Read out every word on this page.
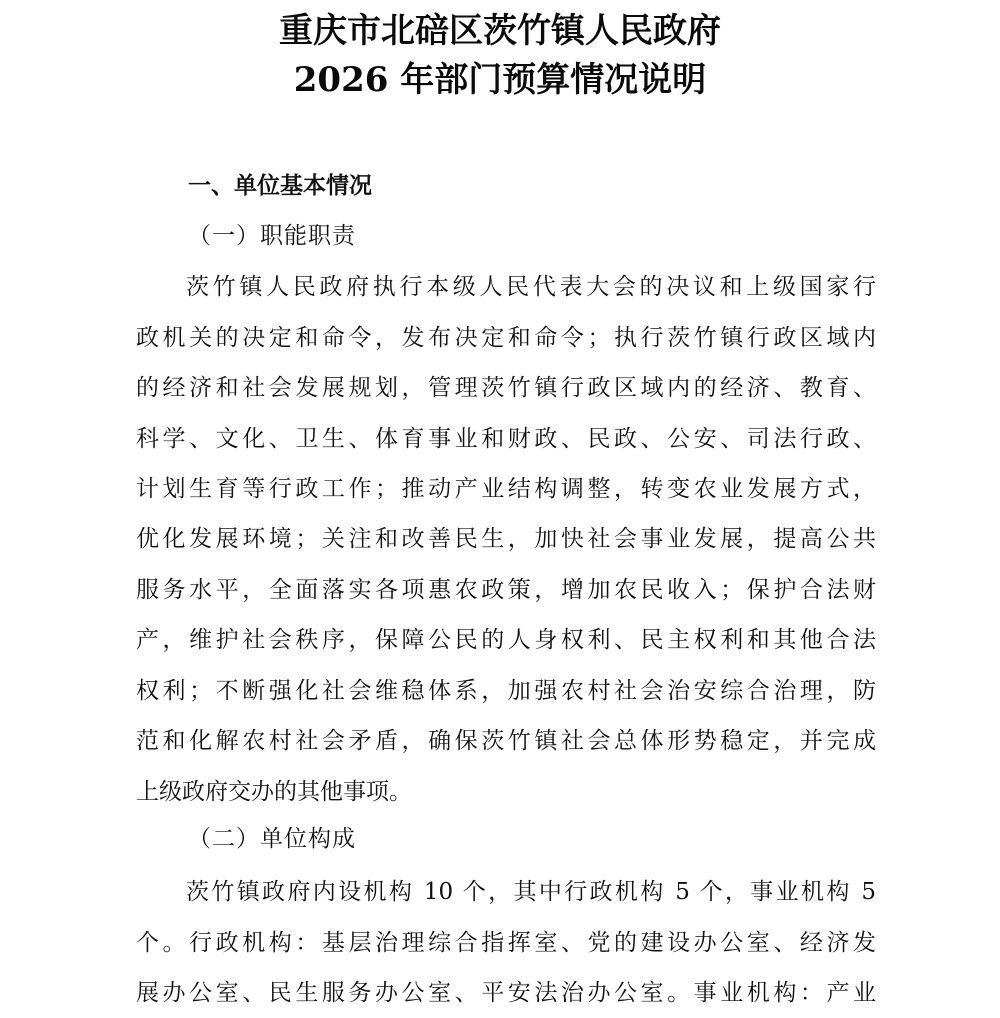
重庆市北碚区茨竹镇人民政府
2026 年部门预算情况说明
一、单位基本情况
（一）职能职责
茨竹镇人民政府执行本级人民代表大会的决议和上级国家行
政机关的决定和命令，发布决定和命令；执行茨竹镇行政区域内
的经济和社会发展规划，管理茨竹镇行政区域内的经济、教育、
科学、文化、卫生、体育事业和财政、民政、公安、司法行政、
计划生育等行政工作；推动产业结构调整，转变农业发展方式，
优化发展环境；关注和改善民生，加快社会事业发展，提高公共
服务水平，全面落实各项惠农政策，增加农民收入；保护合法财
产，维护社会秩序，保障公民的人身权利、民主权利和其他合法
权利；不断强化社会维稳体系，加强农村社会治安综合治理，防
范和化解农村社会矛盾，确保茨竹镇社会总体形势稳定，并完成
上级政府交办的其他事项。
（二）单位构成
茨竹镇政府内设机构 10 个，其中行政机构 5 个，事业机构 5
个。行政机构：基层治理综合指挥室、党的建设办公室、经济发
展办公室、民生服务办公室、平安法治办公室。事业机构：产业
